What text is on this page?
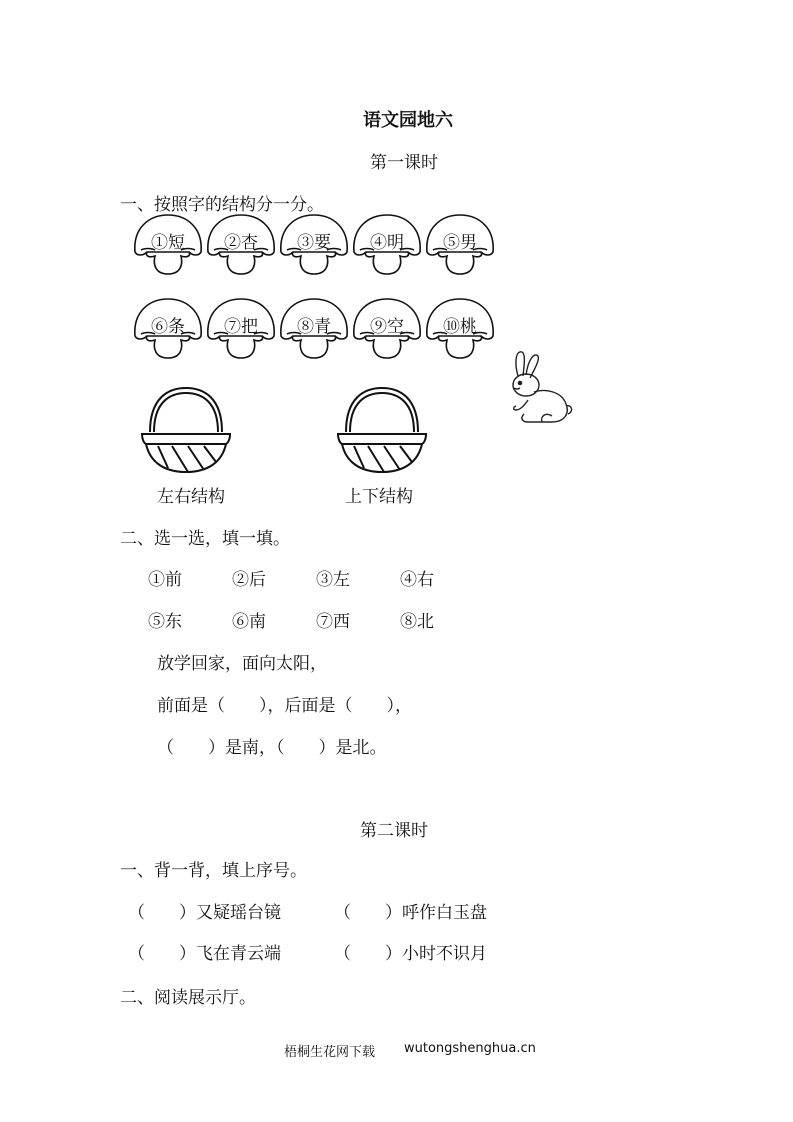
语文园地六
第一课时
一、按照字的结构分一分。
①短	②杏	③要	④明	⑤男
⑥条	⑦把	⑧青	⑨空	⑩桃
左右结构	上下结构
二、选一选，填一填。
①前	②后	③左	④右
⑤东	⑥南	⑦西	⑧北
放学回家，面向太阳，
前面是（　　），后面是（　　），
（　　）是南，（　　）是北。
第二课时
一、背一背，填上序号。
（　　）又疑瑶台镜	（　　）呼作白玉盘
（　　）飞在青云端	（　　）小时不识月
二、阅读展示厅。
梧桐生花网下载 wutongshenghua.cn
